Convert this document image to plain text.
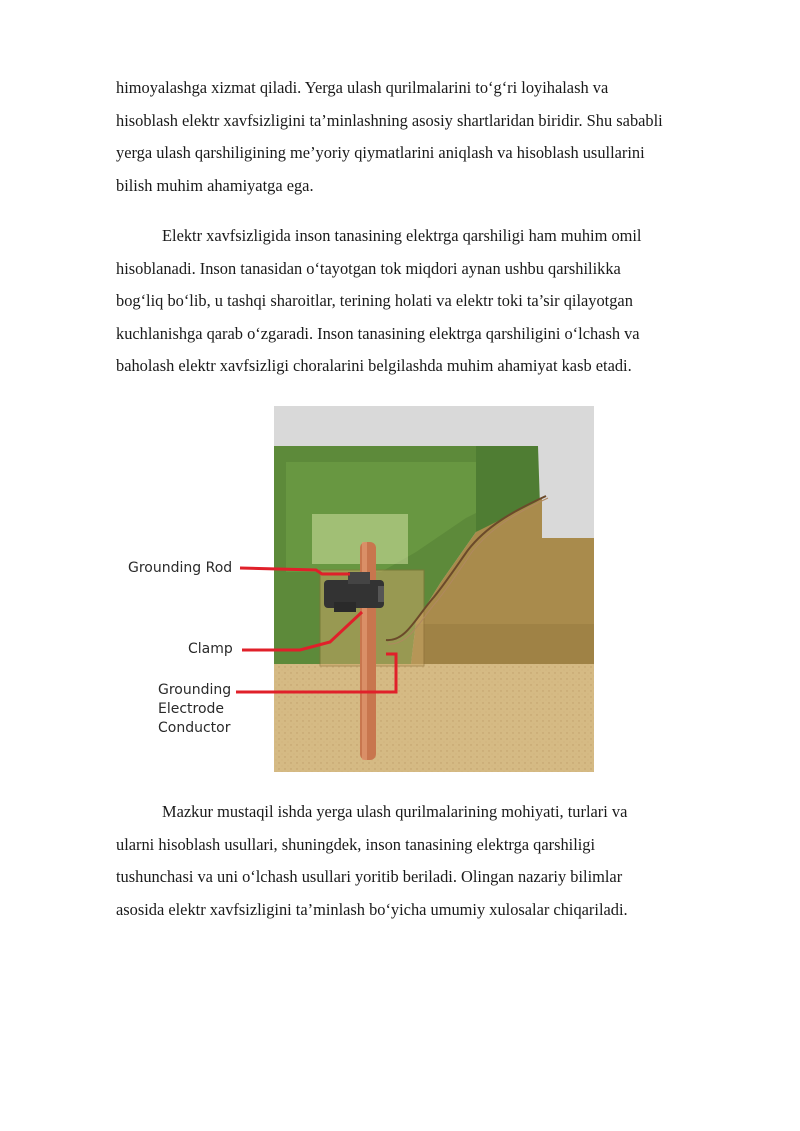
himoyalashga xizmat qiladi. Yerga ulash qurilmalarini to‘g‘ri loyihalash va
hisoblash elektr xavfsizligini ta’minlashning asosiy shartlaridan biridir. Shu sababli
yerga ulash qarshiligining me’yoriy qiymatlarini aniqlash va hisoblash usullarini
bilish muhim ahamiyatga ega.

Elektr xavfsizligida inson tanasining elektrga qarshiligi ham muhim omil
hisoblanadi. Inson tanasidan o‘tayotgan tok miqdori aynan ushbu qarshilikka
bog‘liq bo‘lib, u tashqi sharoitlar, terining holati va elektr toki ta’sir qilayotgan
kuchlanishga qarab o‘zgaradi. Inson tanasining elektrga qarshiligini o‘lchash va
baholash elektr xavfsizligi choralarini belgilashda muhim ahamiyat kasb etadi.

Grounding Rod
Clamp
Grounding
Electrode
Conductor

Mazkur mustaqil ishda yerga ulash qurilmalarining mohiyati, turlari va
ularni hisoblash usullari, shuningdek, inson tanasining elektrga qarshiligi
tushunchasi va uni o‘lchash usullari yoritib beriladi. Olingan nazariy bilimlar
asosida elektr xavfsizligini ta’minlash bo‘yicha umumiy xulosalar chiqariladi.
